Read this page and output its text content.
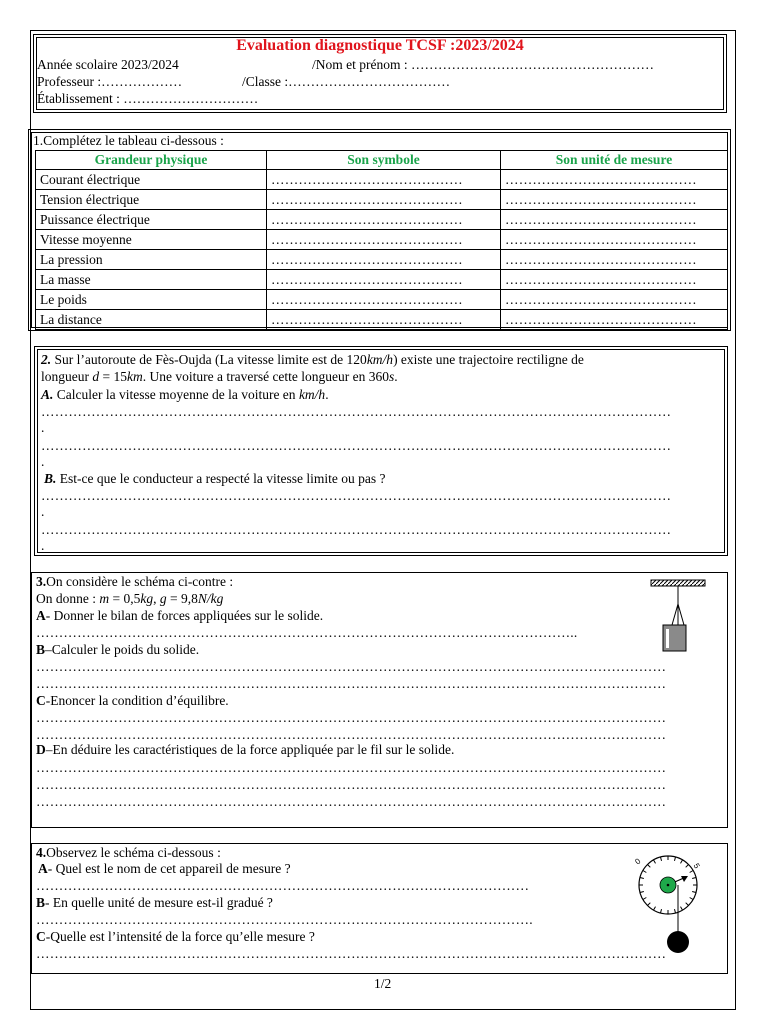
Evaluation diagnostique TCSF :2023/2024
Année scolaire 2023/2024	/Nom et prénom : ………………………………………………
Professeur :………………	/Classe :………………………………
Établissement : …………………………
1.Complétez le tableau ci-dessous :
Grandeur physique	Son symbole	Son unité de mesure
Courant électrique	……………………………………	……………………………………
Tension électrique	……………………………………	……………………………………
Puissance électrique	……………………………………	……………………………………
Vitesse moyenne	……………………………………	……………………………………
La pression	……………………………………	……………………………………
La masse	……………………………………	……………………………………
Le poids	……………………………………	……………………………………
La distance	……………………………………	……………………………………
2. Sur l’autoroute de Fès-Oujda (La vitesse limite est de 120km/h) existe une trajectoire rectiligne de
longueur d = 15km. Une voiture a traversé cette longueur en 360s.
A. Calculer la vitesse moyenne de la voiture en km/h.
…………………………………………………………………………………………………………………………
.
…………………………………………………………………………………………………………………………
.
B. Est-ce que le conducteur a respecté la vitesse limite ou pas ?
…………………………………………………………………………………………………………………………
.
…………………………………………………………………………………………………………………………
.
3.On considère le schéma ci-contre :
On donne : m = 0,5kg, g = 9,8N/kg
A- Donner le bilan de forces appliquées sur le solide.
………………………………………………………………………………………………………..
B–Calculer le poids du solide.
…………………………………………………………………………………………………………………………
…………………………………………………………………………………………………………………………
C-Enoncer la condition d’équilibre.
…………………………………………………………………………………………………………………………
…………………………………………………………………………………………………………………………
D–En déduire les caractéristiques de la force appliquée par le fil sur le solide.
…………………………………………………………………………………………………………………………
…………………………………………………………………………………………………………………………
…………………………………………………………………………………………………………………………
4.Observez le schéma ci-dessous :
A- Quel est le nom de cet appareil de mesure ?
………………………………………………………………………………………………
B- En quelle unité de mesure est-il gradué ?
……………………………………………………………………………………………….
C-Quelle est l’intensité de la force qu’elle mesure ?
…………………………………………………………………………………………………………………………
0	5
1/2
